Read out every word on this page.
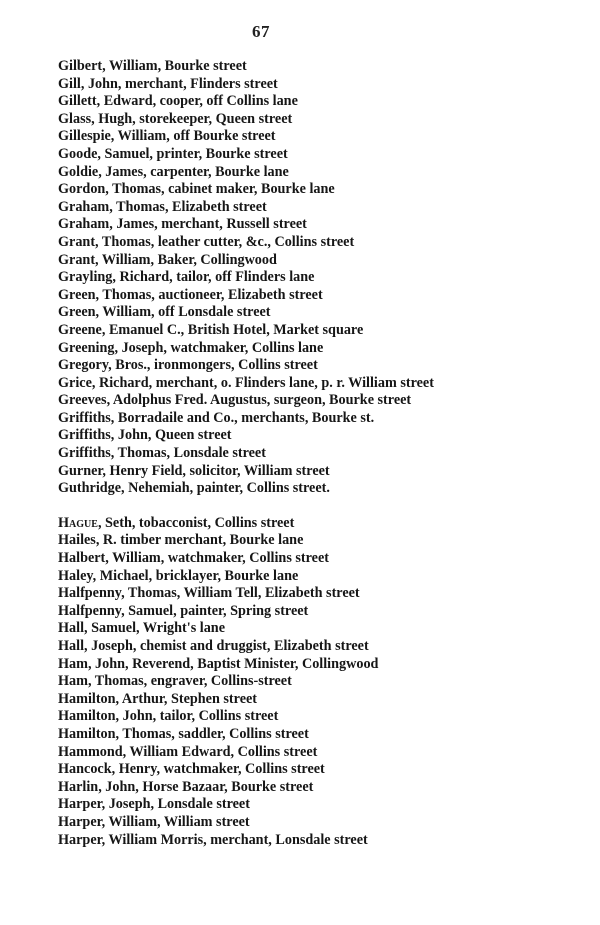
67
Gilbert, William, Bourke street
Gill, John, merchant, Flinders street
Gillett, Edward, cooper, off Collins lane
Glass, Hugh, storekeeper, Queen street
Gillespie, William, off Bourke street
Goode, Samuel, printer, Bourke street
Goldie, James, carpenter, Bourke lane
Gordon, Thomas, cabinet maker, Bourke lane
Graham, Thomas, Elizabeth street
Graham, James, merchant, Russell street
Grant, Thomas, leather cutter, &c., Collins street
Grant, William, Baker, Collingwood
Grayling, Richard, tailor, off Flinders lane
Green, Thomas, auctioneer, Elizabeth street
Green, William, off Lonsdale street
Greene, Emanuel C., British Hotel, Market square
Greening, Joseph, watchmaker, Collins lane
Gregory, Bros., ironmongers, Collins street
Grice, Richard, merchant, o. Flinders lane, p. r. William street
Greeves, Adolphus Fred. Augustus, surgeon, Bourke street
Griffiths, Borradaile and Co., merchants, Bourke st.
Griffiths, John, Queen street
Griffiths, Thomas, Lonsdale street
Gurner, Henry Field, solicitor, William street
Guthridge, Nehemiah, painter, Collins street.
Hague, Seth, tobacconist, Collins street
Hailes, R. timber merchant, Bourke lane
Halbert, William, watchmaker, Collins street
Haley, Michael, bricklayer, Bourke lane
Halfpenny, Thomas, William Tell, Elizabeth street
Halfpenny, Samuel, painter, Spring street
Hall, Samuel, Wright's lane
Hall, Joseph, chemist and druggist, Elizabeth street
Ham, John, Reverend, Baptist Minister, Collingwood
Ham, Thomas, engraver, Collins-street
Hamilton, Arthur, Stephen street
Hamilton, John, tailor, Collins street
Hamilton, Thomas, saddler, Collins street
Hammond, William Edward, Collins street
Hancock, Henry, watchmaker, Collins street
Harlin, John, Horse Bazaar, Bourke street
Harper, Joseph, Lonsdale street
Harper, William, William street
Harper, William Morris, merchant, Lonsdale street
